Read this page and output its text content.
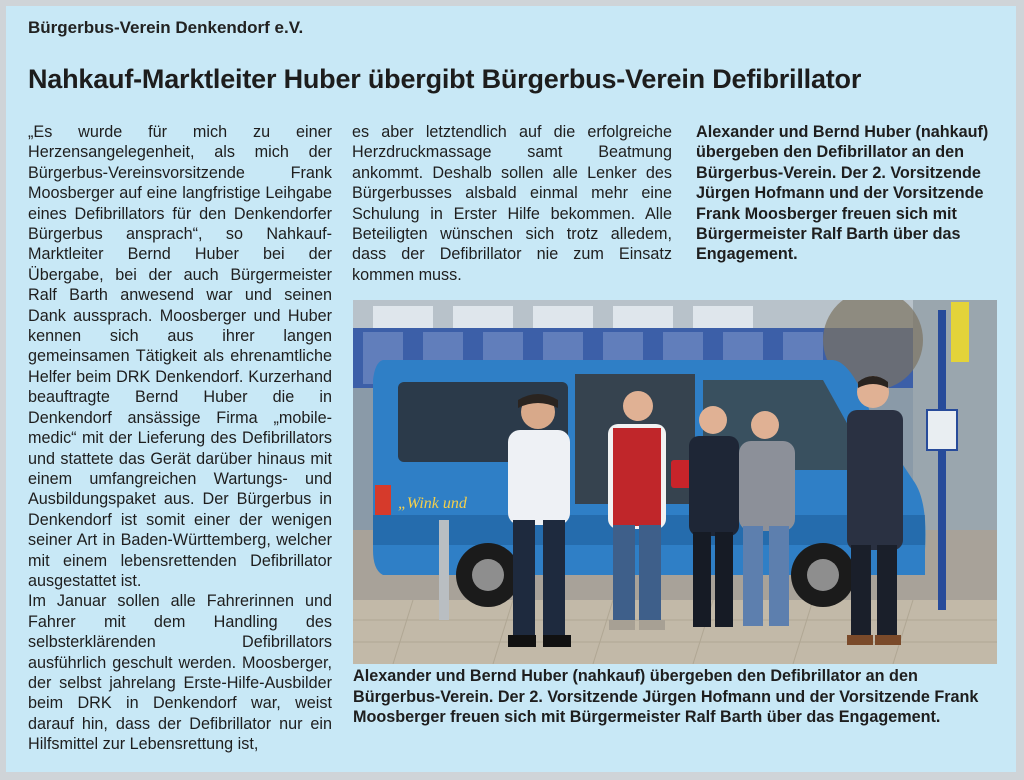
Bürgerbus-Verein Denkendorf e.V.
Nahkauf-Marktleiter Huber übergibt Bürgerbus-Verein Defibrillator

„Es wurde für mich zu einer Herzensangelegenheit, als mich der Bürgerbus-Vereinsvorsitzende Frank Moosberger auf eine langfristige Leihgabe eines Defibrillators für den Denkendorfer Bürgerbus ansprach“, so Nahkauf-Marktleiter Bernd Huber bei der Übergabe, bei der auch Bürgermeister Ralf Barth anwesend war und seinen Dank aussprach. Moosberger und Huber kennen sich aus ihrer langen gemeinsamen Tätigkeit als ehrenamtliche Helfer beim DRK Denkendorf. Kurzerhand beauftragte Bernd Huber die in Denkendorf ansässige Firma „mobile-medic“ mit der Lieferung des Defibrillators und stattete das Gerät darüber hinaus mit einem umfangreichen Wartungs- und Ausbildungspaket aus. Der Bürgerbus in Denkendorf ist somit einer der wenigen seiner Art in Baden-Württemberg, welcher mit einem lebensrettenden Defibrillator ausgestattet ist.

Im Januar sollen alle Fahrerinnen und Fahrer mit dem Handling des selbsterklärenden Defibrillators ausführlich geschult werden. Moosberger, der selbst jahrelang Erste-Hilfe-Ausbilder beim DRK in Denkendorf war, weist darauf hin, dass der Defibrillator nur ein Hilfsmittel zur Lebensrettung ist,

es aber letztendlich auf die erfolgreiche Herzdruckmassage samt Beatmung ankommt. Deshalb sollen alle Lenker des Bürgerbusses alsbald einmal mehr eine Schulung in Erster Hilfe bekommen. Alle Beteiligten wünschen sich trotz alledem, dass der Defibrillator nie zum Einsatz kommen muss.

Alexander und Bernd Huber (nahkauf) übergeben den Defibrillator an den Bürgerbus-Verein. Der 2. Vorsitzende Jürgen Hofmann und der Vorsitzende Frank Moosberger freuen sich mit Bürgermeister Ralf Barth über das Engagement.

„Wink und
Alexander und Bernd Huber (nahkauf) übergeben den Defibrillator an den Bürgerbus-Verein. Der 2. Vorsitzende Jürgen Hofmann und der Vorsitzende Frank Moosberger freuen sich mit Bürgermeister Ralf Barth über das Engagement.
